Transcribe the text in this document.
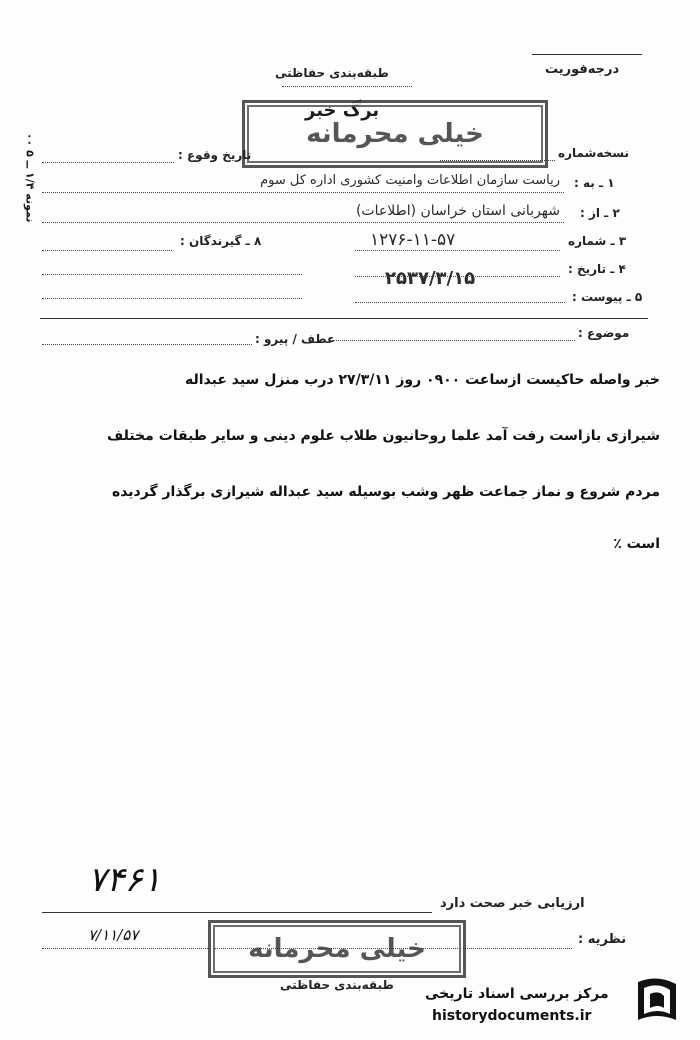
درجه‌فوریت
طبقه‌بندی حفاظتی
برگ خبر
نمونه ۱/۴ ــ ۵ ۰۰
خیلی محرمانه
نسخه‌شماره
تاریخ وقوع :
۱ ـ به :
ریاست سازمان اطلاعات وامنیت کشوری اداره کل سوم
۲ ـ از :
شهربانی استان خراسان (اطلاعات)
۳ ـ شماره
۱۲۷۶-۱۱-۵۷
۸ ـ گیرندگان :
۴ ـ تاریخ :
۲۵۳۷/۳/۱۵
۵ ـ پیوست :
موضوع :
عطف / پیرو :
خبر واصله حاکیست ازساعت ۰۹۰۰ روز ۲۷/۳/۱۱ درب منزل سید عبداله
شیرازی بازاست رفت آمد علما روحانیون طلاب علوم دینی و سایر طبقات مختلف
مردم شروع و نماز جماعت ظهر وشب بوسیله سید عبداله شیرازی برگذار گردیده
است ٪
۷۴۶۱
۷/۱۱/۵۷
ارزیابی خبر صحت دارد
نظریه :
خیلی محرمانه
طبقه‌بندی حفاظتی
مرکز بررسی اسناد تاریخی
historydocuments.ir
